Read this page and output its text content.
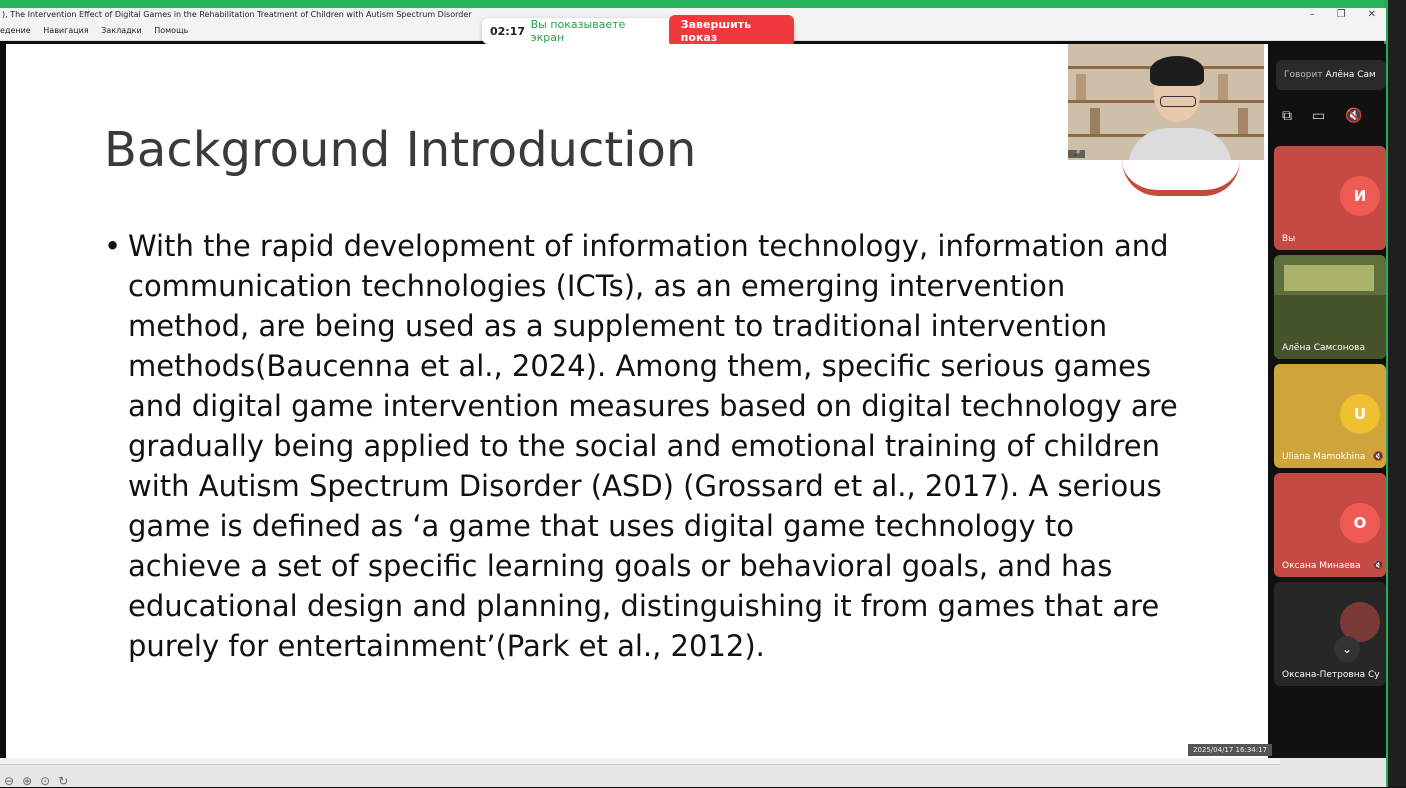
), The Intervention Effect of Digital Games in the Rehabilitation Treatment of Children with Autism Spectrum Disorder	– ❐ ✕
едение Навигация Закладки Помощь	02:17 Вы показываете экран
Завершить показ
Background Introduction
• With the rapid development of information technology, information and communication technologies (ICTs), as an emerging intervention method, are being used as a supplement to traditional intervention methods(Baucenna et al., 2024). Among them, specific serious games and digital game intervention measures based on digital technology are gradually being applied to the social and emotional training of children with Autism Spectrum Disorder (ASD) (Grossard et al., 2017). A serious game is defined as ‘a game that uses digital game technology to achieve a set of specific learning goals or behavioral goals, and has educational design and planning, distinguishing it from games that are purely for entertainment’(Park et al., 2012).
2025/04/17 16:34:17
⊖ ⊕ ⊙ ↻
🎤
Говорит Алёна Сам
⧉ ▭ 🔇
И
Вы
Алёна Самсонова
U
Uliana Mamokhina 🔇
О
Оксана Минаева 🔇
Оксана-Петровна Су
⌄
